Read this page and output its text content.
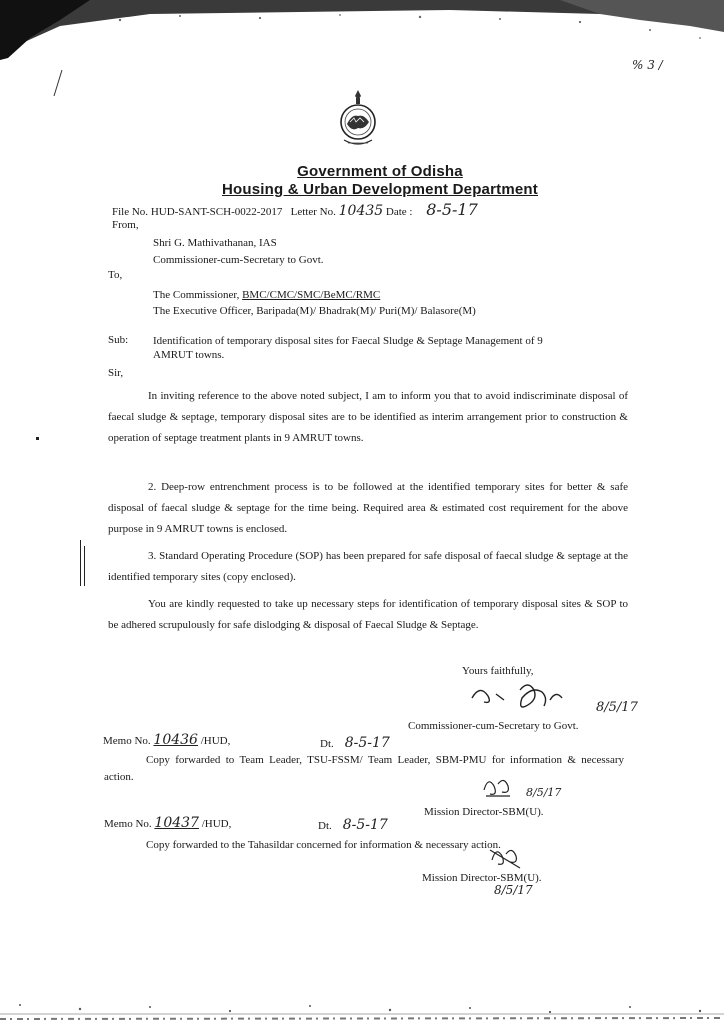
% 3 /
Government of Odisha
Housing & Urban Development Department
File No. HUD-SANT-SCH-0022-2017 Letter No. 10435 Date : 8-5-17
From,
Shri G. Mathivathanan, IAS
Commissioner-cum-Secretary to Govt.
To,
The Commissioner, BMC/CMC/SMC/BeMC/RMC
The Executive Officer, Baripada(M)/ Bhadrak(M)/ Puri(M)/ Balasore(M)
Sub: Identification of temporary disposal sites for Faecal Sludge & Septage Management of 9
AMRUT towns.
Sir,
In inviting reference to the above noted subject, I am to inform you that to avoid indiscriminate disposal of faecal sludge & septage, temporary disposal sites are to be identified as interim arrangement prior to construction & operation of septage treatment plants in 9 AMRUT towns.
2. Deep-row entrenchment process is to be followed at the identified temporary sites for better & safe disposal of faecal sludge & septage for the time being. Required area & estimated cost requirement for the above purpose in 9 AMRUT towns is enclosed.
3. Standard Operating Procedure (SOP) has been prepared for safe disposal of faecal sludge & septage at the identified temporary sites (copy enclosed).
You are kindly requested to take up necessary steps for identification of temporary disposal sites & SOP to be adhered scrupulously for safe dislodging & disposal of Faecal Sludge & Septage.
Yours faithfully,
8/5/17
Commissioner-cum-Secretary to Govt.
Memo No. 10436 /HUD,	Dt. 8-5-17
Copy forwarded to Team Leader, TSU-FSSM/ Team Leader, SBM-PMU for information & necessary action.
8/5/17
Mission Director-SBM(U).
Memo No. 10437 /HUD,	Dt. 8-5-17
Copy forwarded to the Tahasildar concerned for information & necessary action.
Mission Director-SBM(U).
8/5/17
